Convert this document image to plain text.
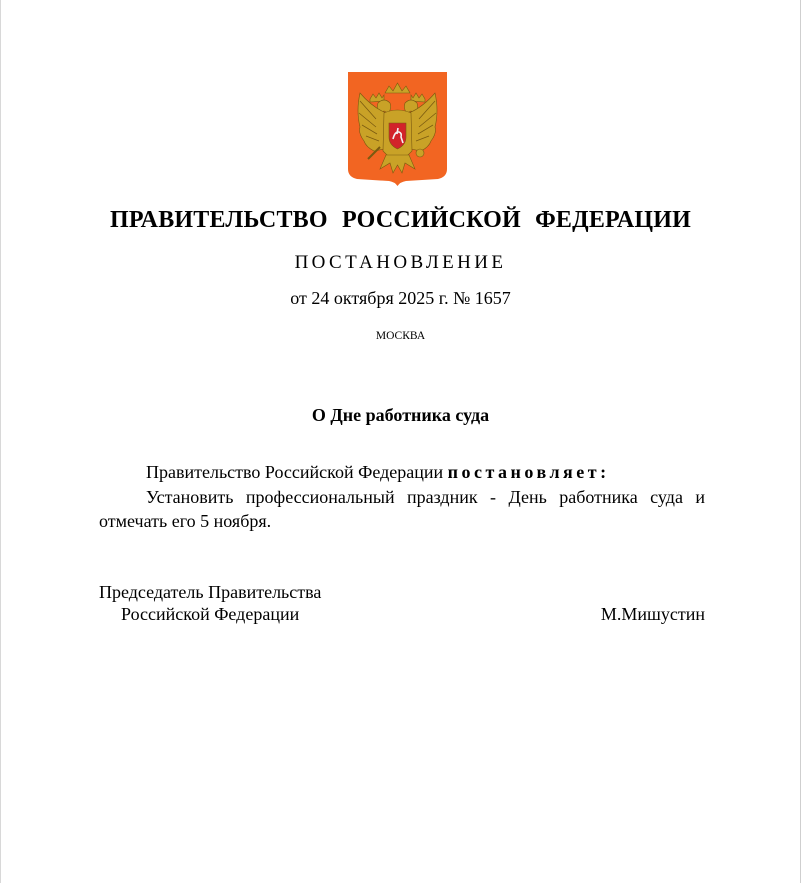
ПРАВИТЕЛЬСТВО РОССИЙСКОЙ ФЕДЕРАЦИИ
ПОСТАНОВЛЕНИЕ
от 24 октября 2025 г. № 1657
МОСКВА
О Дне работника суда
Правительство Российской Федерации постановляет:
Установить профессиональный праздник - День работника суда и отмечать его 5 ноября.
Председатель Правительства
Российской Федерации	М.Мишустин
